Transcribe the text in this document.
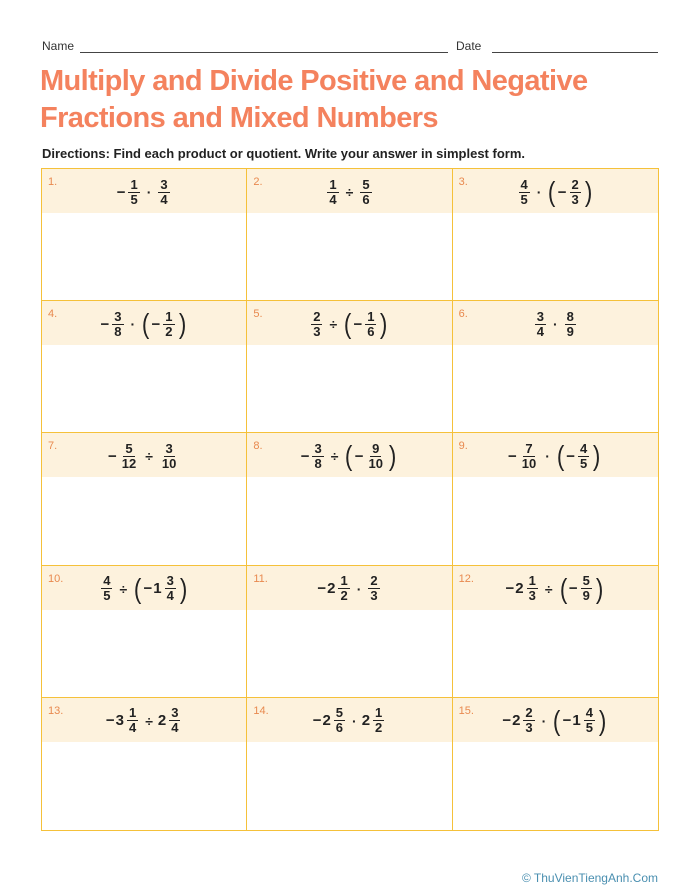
Name	Date
Multiply and Divide Positive and Negative
Fractions and Mixed Numbers
Directions: Find each product or quotient. Write your answer in simplest form.
1.
− $\frac{1}{5} \cdot \frac{3}{4}$	2.	$\frac{1}{4} \div \frac{5}{6}$	3.	$\frac{4}{5}$ · ( − $\frac{2}{3}$ )
4.
− $\frac{3}{8}$ · ( − $\frac{1}{2}$ )	5.	$\frac{2}{3}$ ÷ ( − $\frac{1}{6}$ )	6.	$\frac{3}{4} \cdot \frac{8}{9}$
7.
− $\frac{5}{12} \div \frac{3}{10}$	8.
− $\frac{3}{8}$ ÷ ( − $\frac{9}{10}$ )	9.
− $\frac{7}{10}$ · ( − $\frac{4}{5}$ )
10.	$\frac{4}{5}$ ÷ ( − $1 \frac{3}{4}$ )	11.
− $2 \frac{1}{2} \cdot \frac{2}{3}$	12.
− $2 \frac{1}{3}$ ÷ ( − $\frac{5}{9}$ )
13.
− $3 \frac{1}{4} \div 2 \frac{3}{4}$	14.
− $2 \frac{5}{6} \cdot 2 \frac{1}{2}$	15.
− $2 \frac{2}{3}$ · ( − $1 \frac{4}{5}$ )
© ThuVienTiengAnh.Com
